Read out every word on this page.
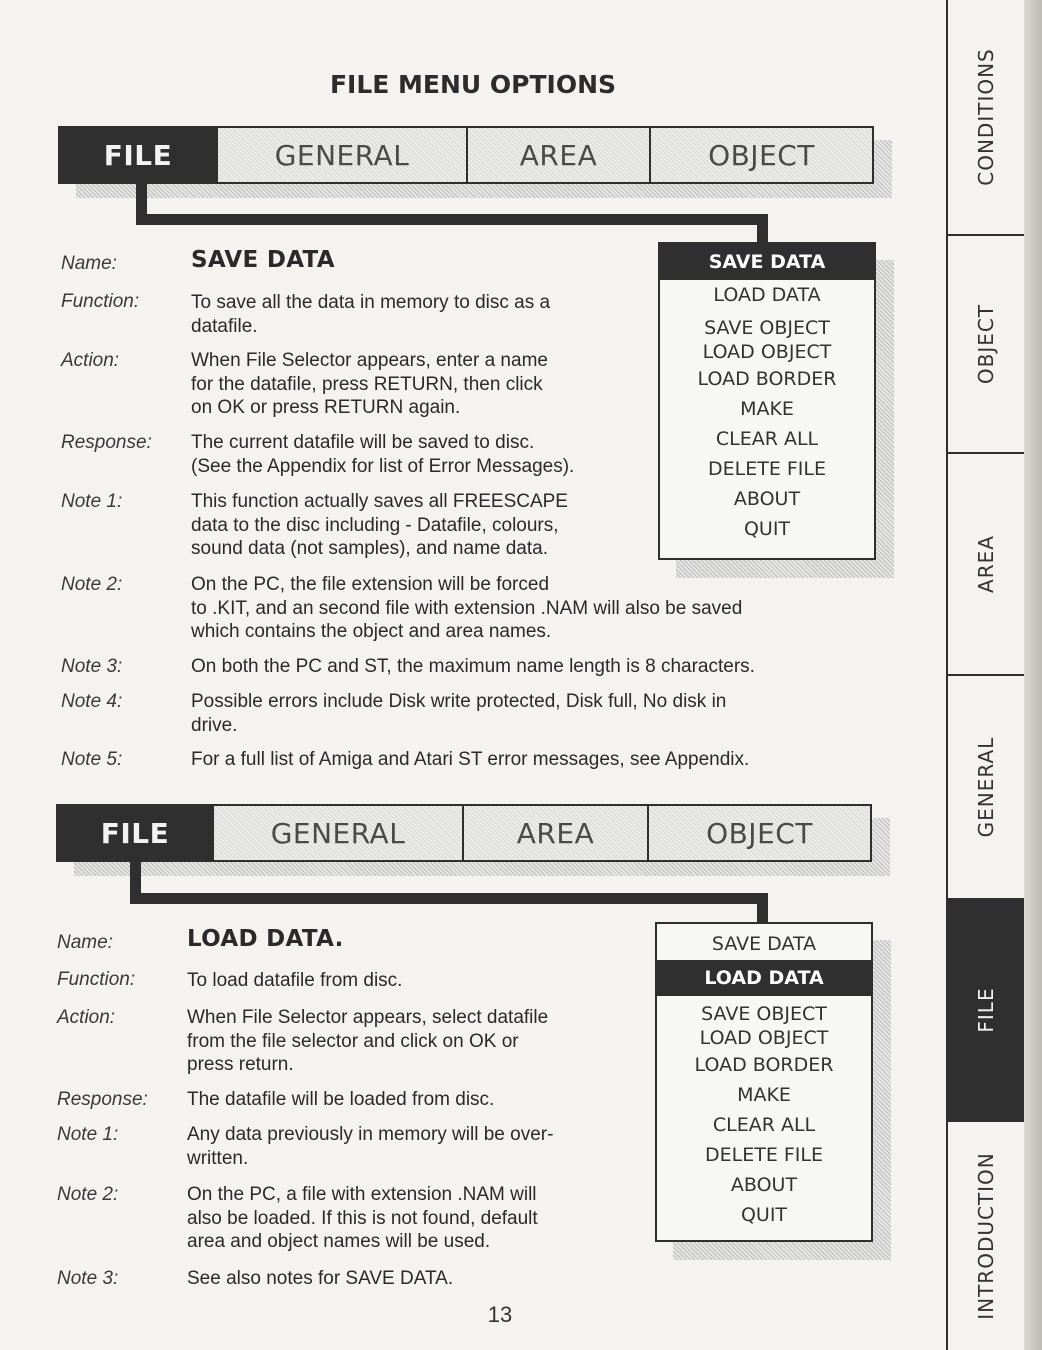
FILE MENU OPTIONS
FILE	GENERAL	AREA	OBJECT
SAVE DATA
LOAD DATA
SAVE OBJECT
LOAD OBJECT
LOAD BORDER
MAKE
CLEAR ALL
DELETE FILE
ABOUT
QUIT
Name:	SAVE DATA
Function:	To save all the data in memory to disc as a
datafile.
Action:	When File Selector appears, enter a name
for the datafile, press RETURN, then click
on OK or press RETURN again.
Response: The current datafile will be saved to disc.
(See the Appendix for list of Error Messages).
Note 1:	This function actually saves all FREESCAPE
data to the disc including - Datafile, colours,
sound data (not samples), and name data.
Note 2:	On the PC, the file extension will be forced
to .KIT, and an second file with extension .NAM will also be saved
which contains the object and area names.
Note 3:	On both the PC and ST, the maximum name length is 8 characters.
Note 4:	Possible errors include Disk write protected, Disk full, No disk in
drive.
Note 5:	For a full list of Amiga and Atari ST error messages, see Appendix.
FILE	GENERAL	AREA	OBJECT
SAVE DATA
LOAD DATA
SAVE OBJECT
LOAD OBJECT
LOAD BORDER
MAKE
CLEAR ALL
DELETE FILE
ABOUT
QUIT
Name:	LOAD DATA.
Function:	To load datafile from disc.
Action:	When File Selector appears, select datafile
from the file selector and click on OK or
press return.
Response: The datafile will be loaded from disc.
Note 1:	Any data previously in memory will be over-
written.
Note 2:	On the PC, a file with extension .NAM will
also be loaded. If this is not found, default
area and object names will be used.
Note 3:	See also notes for SAVE DATA.
13
CONDITIONS
OBJECT
AREA
GENERAL
FILE
INTRODUCTION
